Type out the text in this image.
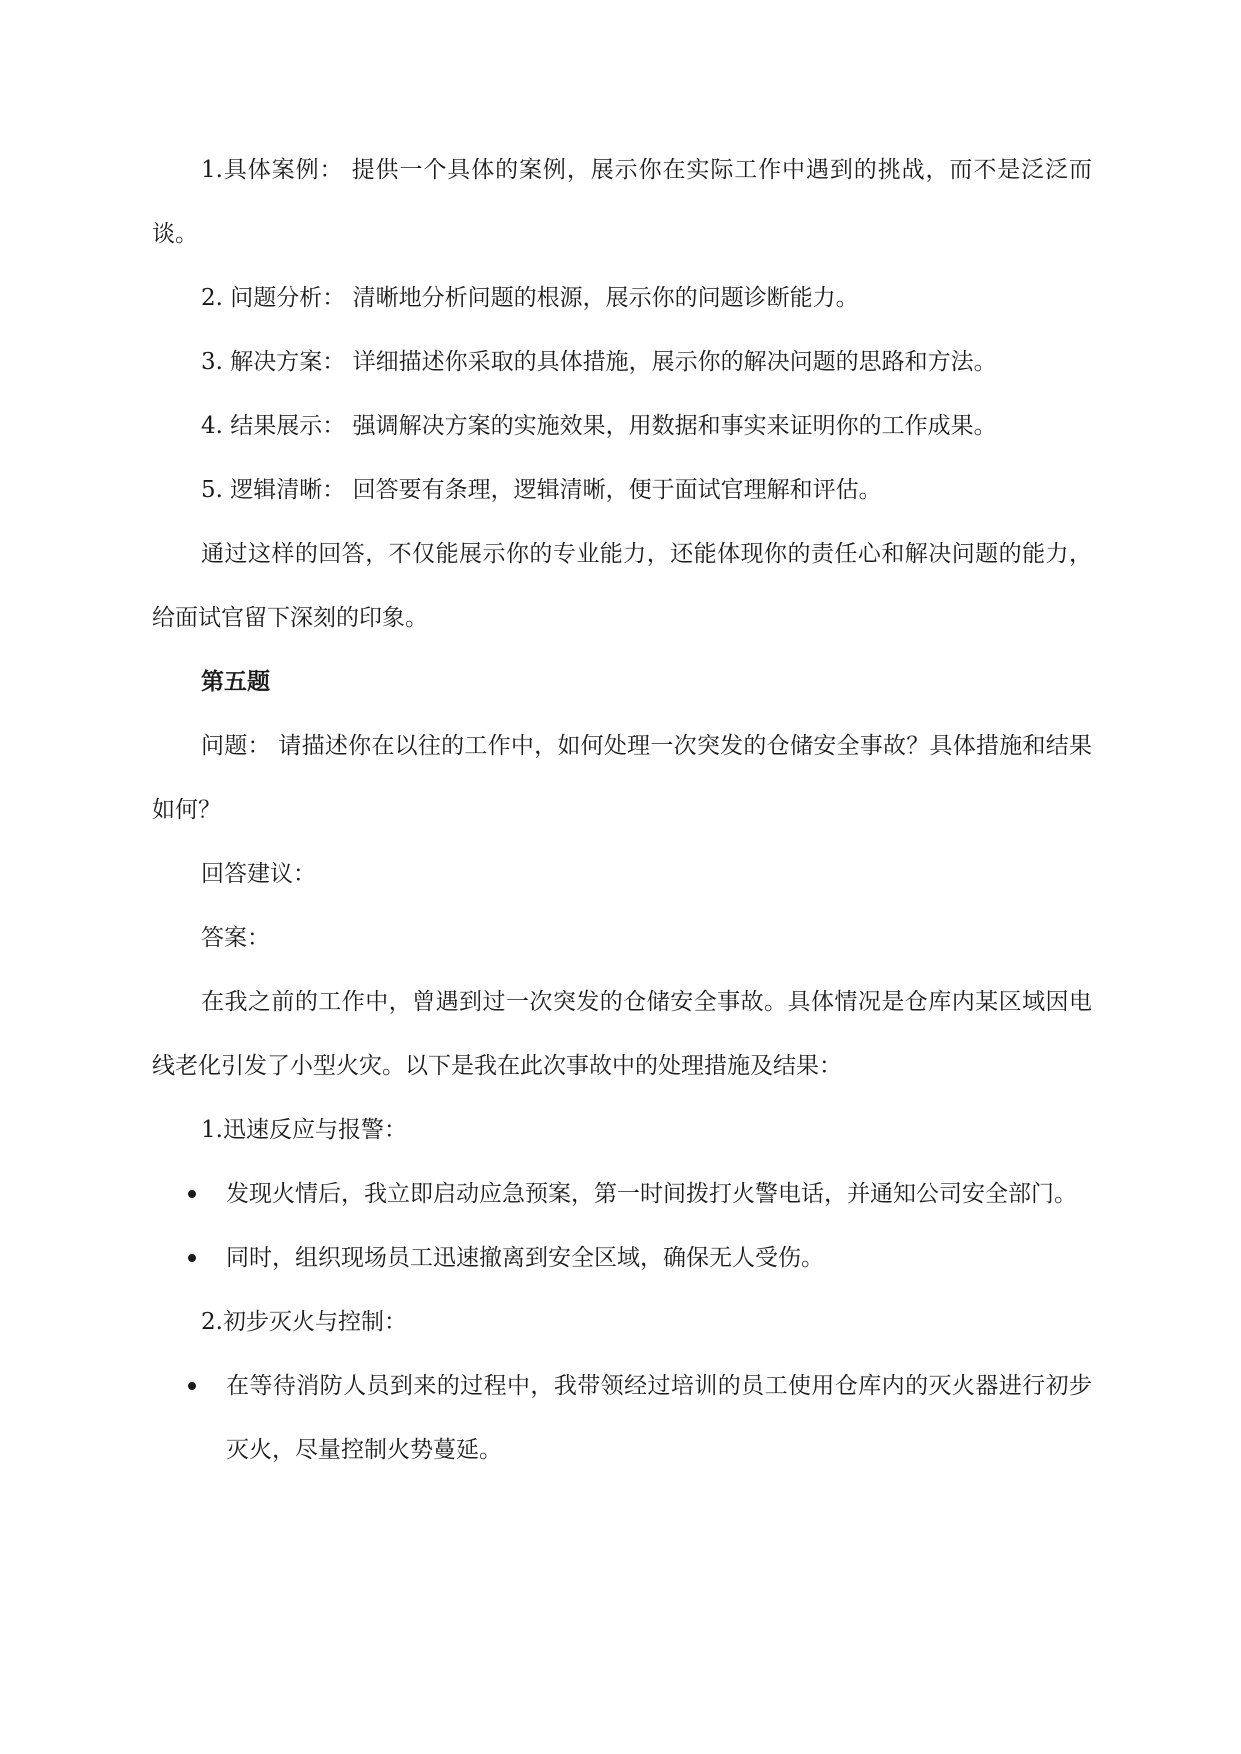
1.具体案例： 提供一个具体的案例，展示你在实际工作中遇到的挑战，而不是泛泛而谈。

2. 问题分析： 清晰地分析问题的根源，展示你的问题诊断能力。

3. 解决方案： 详细描述你采取的具体措施，展示你的解决问题的思路和方法。

4. 结果展示： 强调解决方案的实施效果，用数据和事实来证明你的工作成果。

5. 逻辑清晰： 回答要有条理，逻辑清晰，便于面试官理解和评估。

通过这样的回答，不仅能展示你的专业能力，还能体现你的责任心和解决问题的能力，给面试官留下深刻的印象。

第五题

问题： 请描述你在以往的工作中，如何处理一次突发的仓储安全事故？具体措施和结果如何？

回答建议：

答案：

在我之前的工作中，曾遇到过一次突发的仓储安全事故。具体情况是仓库内某区域因电线老化引发了小型火灾。以下是我在此次事故中的处理措施及结果：

1.迅速反应与报警：

发现火情后，我立即启动应急预案，第一时间拨打火警电话，并通知公司安全部门。
同时，组织现场员工迅速撤离到安全区域，确保无人受伤。

2.初步灭火与控制：

在等待消防人员到来的过程中，我带领经过培训的员工使用仓库内的灭火器进行初步灭火，尽量控制火势蔓延。
